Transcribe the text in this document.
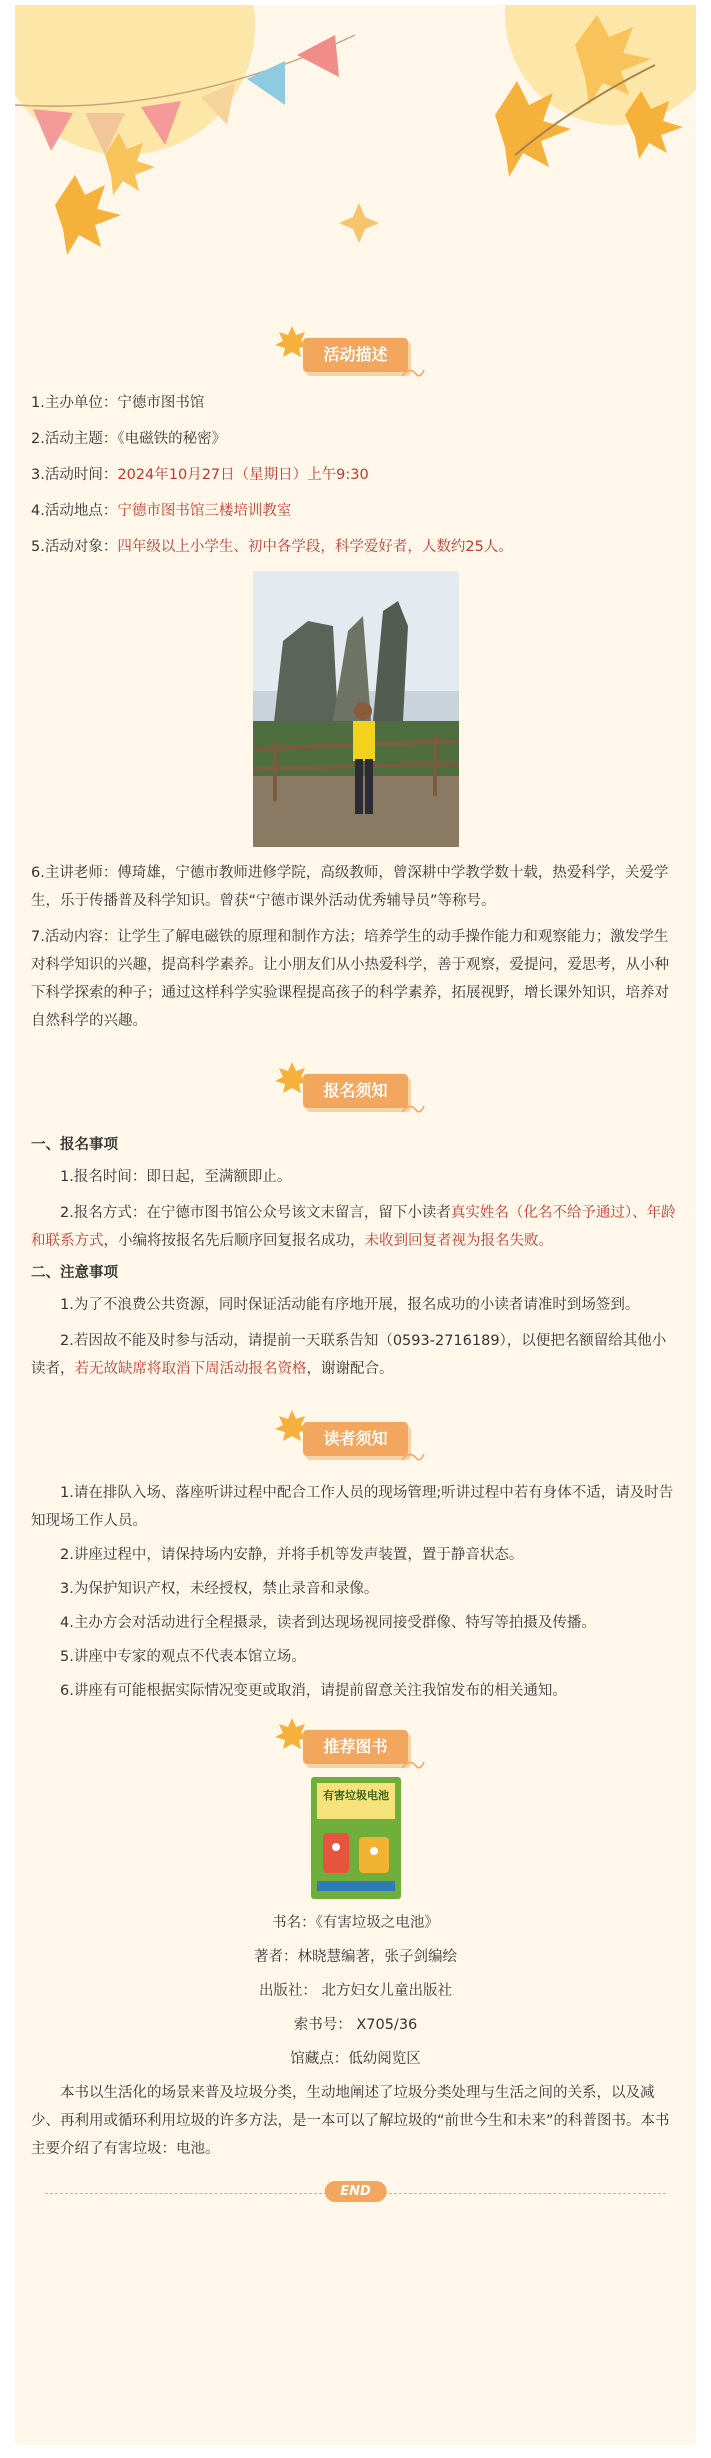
活动描述
1.主办单位：宁德市图书馆
2.活动主题：《电磁铁的秘密》
3.活动时间：2024年10月27日（星期日）上午9:30
4.活动地点：宁德市图书馆三楼培训教室
5.活动对象：四年级以上小学生、初中各学段，科学爱好者，人数约25人。
6.主讲老师：傅琦雄，宁德市教师进修学院，高级教师，曾深耕中学教学数十载，热爱科学，关爱学生，乐于传播普及科学知识。曾获“宁德市课外活动优秀辅导员”等称号。
7.活动内容：让学生了解电磁铁的原理和制作方法；培养学生的动手操作能力和观察能力；激发学生对科学知识的兴趣，提高科学素养。让小朋友们从小热爱科学，善于观察，爱提问，爱思考，从小种下科学探索的种子；通过这样科学实验课程提高孩子的科学素养，拓展视野，增长课外知识，培养对自然科学的兴趣。
报名须知
一、报名事项
1.报名时间：即日起，至满额即止。
2.报名方式：在宁德市图书馆公众号该文末留言，留下小读者真实姓名（化名不给予通过）、年龄和联系方式，小编将按报名先后顺序回复报名成功，未收到回复者视为报名失败。
二、注意事项
1.为了不浪费公共资源，同时保证活动能有序地开展，报名成功的小读者请准时到场签到。
2.若因故不能及时参与活动，请提前一天联系告知（0593-2716189），以便把名额留给其他小读者，若无故缺席将取消下周活动报名资格，谢谢配合。
读者须知
1.请在排队入场、落座听讲过程中配合工作人员的现场管理;听讲过程中若有身体不适，请及时告知现场工作人员。
2.讲座过程中，请保持场内安静，并将手机等发声装置，置于静音状态。
3.为保护知识产权，未经授权，禁止录音和录像。
4.主办方会对活动进行全程摄录，读者到达现场视同接受群像、特写等拍摄及传播。
5.讲座中专家的观点不代表本馆立场。
6.讲座有可能根据实际情况变更或取消，请提前留意关注我馆发布的相关通知。
推荐图书
有害垃圾电池
书名：《有害垃圾之电池》
著者：林晓慧编著，张子剑编绘
出版社： 北方妇女儿童出版社
索书号： X705/36
馆藏点：低幼阅览区
本书以生活化的场景来普及垃圾分类，生动地阐述了垃圾分类处理与生活之间的关系，以及减少、再利用或循环利用垃圾的许多方法，是一本可以了解垃圾的“前世今生和未来”的科普图书。本书主要介绍了有害垃圾：电池。
END
